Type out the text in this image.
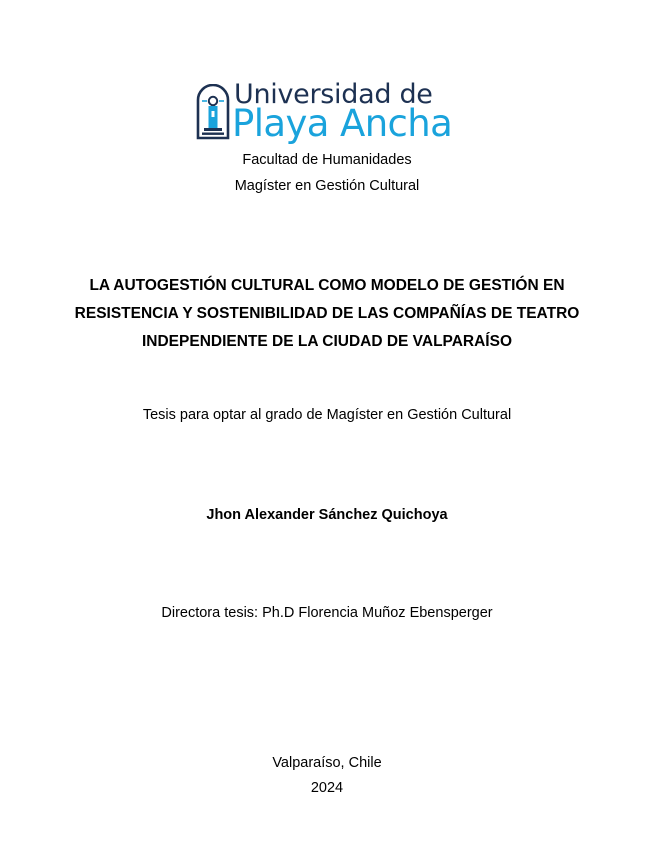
Universidad de
Playa Ancha
Facultad de Humanidades
Magíster en Gestión Cultural
LA AUTOGESTIÓN CULTURAL COMO MODELO DE GESTIÓN EN
RESISTENCIA Y SOSTENIBILIDAD DE LAS COMPAÑÍAS DE TEATRO
INDEPENDIENTE DE LA CIUDAD DE VALPARAÍSO
Tesis para optar al grado de Magíster en Gestión Cultural
Jhon Alexander Sánchez Quichoya
Directora tesis: Ph.D Florencia Muñoz Ebensperger
Valparaíso, Chile
2024
